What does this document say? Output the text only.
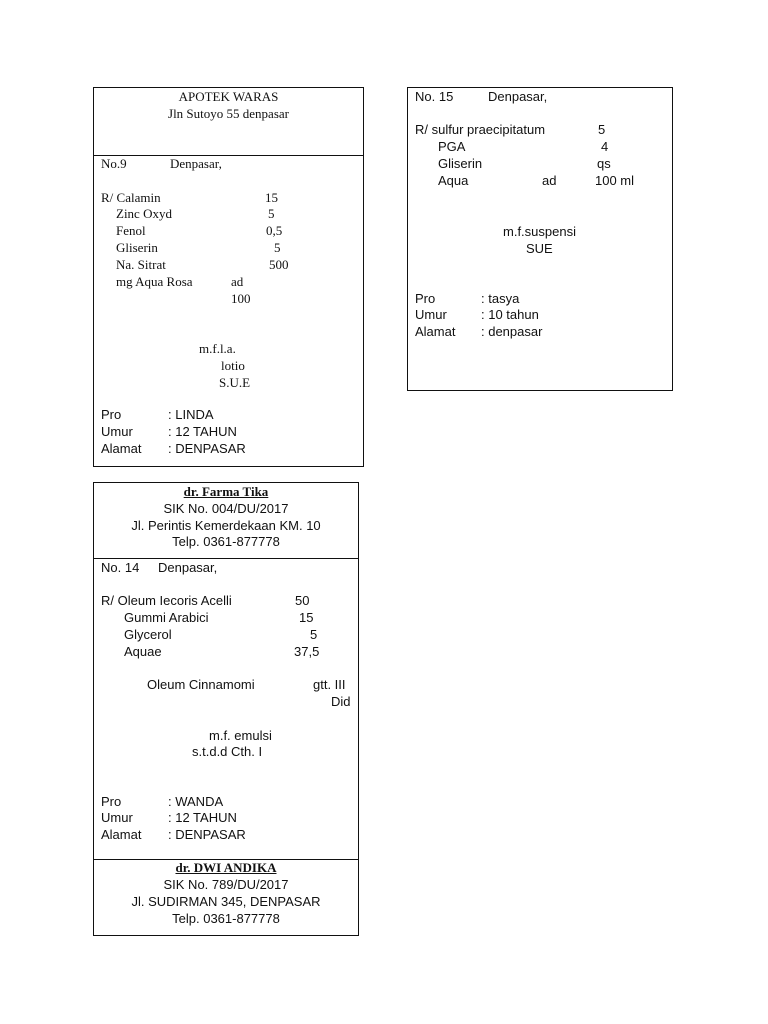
APOTEK WARAS
Jln Sutoyo 55 denpasar
No.9	Denpasar,
R/ Calamin	15
Zinc Oxyd	5
Fenol	0,5
Gliserin	5
Na. Sitrat	500
mg Aqua Rosa	ad
100
m.f.l.a.
lotio
S.U.E
Pro	: LINDA
Umur	: 12 TAHUN
Alamat : DENPASAR
No. 15	Denpasar,
R/ sulfur praecipitatum	5
PGA	4
Gliserin	qs
Aqua	ad	100 ml
m.f.suspensi
SUE
Pro	: tasya
Umur	: 10 tahun
Alamat : denpasar
dr. Farma Tika
SIK No. 004/DU/2017
Jl. Perintis Kemerdekaan KM. 10
Telp. 0361-877778
No. 14 Denpasar,
R/ Oleum Iecoris Acelli	50
Gummi Arabici	15
Glycerol	5
Aquae	37,5
Oleum Cinnamomi	gtt. III
Did
m.f. emulsi
s.t.d.d Cth. I
Pro	: WANDA
Umur	: 12 TAHUN
Alamat : DENPASAR
dr. DWI ANDIKA
SIK No. 789/DU/2017
Jl. SUDIRMAN 345, DENPASAR
Telp. 0361-877778
